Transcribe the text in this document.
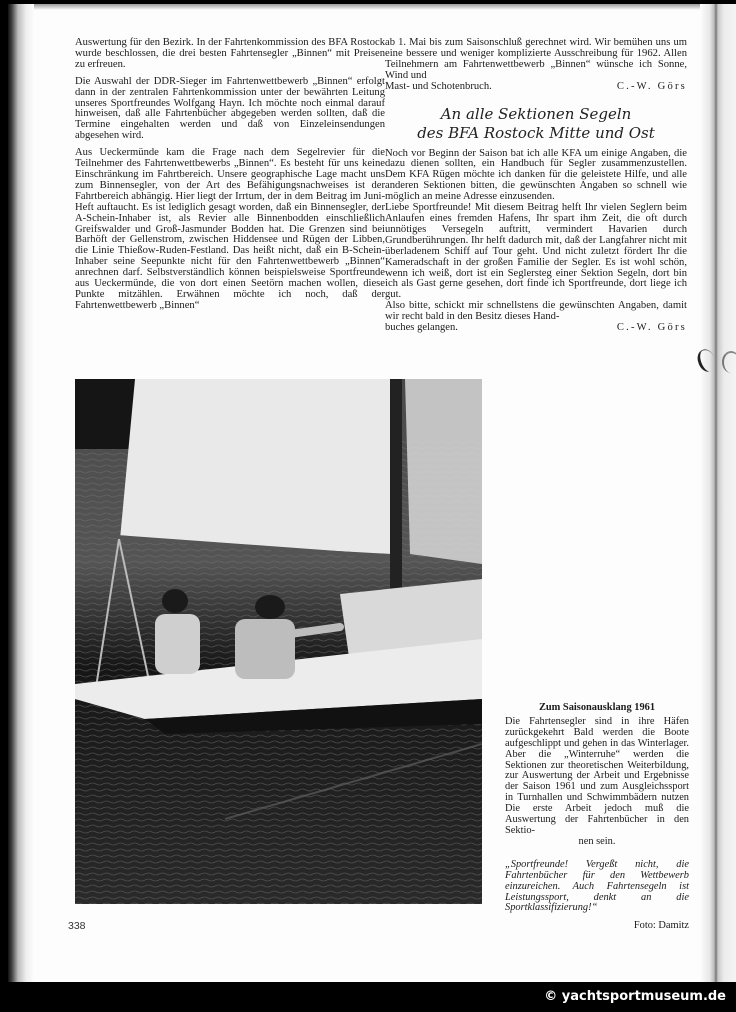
Auswertung für den Bezirk. In der Fahrtenkommission des BFA Rostock wurde beschlossen, die drei besten Fahrtensegler „Binnen“ mit Preisen zu erfreuen.

Die Auswahl der DDR-Sieger im Fahrtenwettbewerb „Binnen“ erfolgt dann in der zentralen Fahrtenkommission unter der bewährten Leitung unseres Sportfreundes Wolfgang Hayn. Ich möchte noch einmal darauf hinweisen, daß alle Fahrtenbücher abgegeben werden sollten, daß die Termine eingehalten werden und daß von Einzeleinsendungen abgesehen wird.

Aus Ueckermünde kam die Frage nach dem Segelrevier für die Teilnehmer des Fahrtenwettbewerbs „Binnen“. Es besteht für uns keine Einschränkung im Fahrtbereich. Unsere geographische Lage macht uns zum Binnensegler, von der Art des Befähigungsnachweises ist der Fahrtbereich abhängig. Hier liegt der Irrtum, der in dem Beitrag im Juni-Heft auftaucht. Es ist lediglich gesagt worden, daß ein Binnensegler, der A-Schein-Inhaber ist, als Revier alle Binnenbodden einschließlich Greifswalder und Groß-Jasmunder Bodden hat. Die Grenzen sind bei Barhöft der Gellenstrom, zwischen Hiddensee und Rügen der Libben, die Linie Thießow-Ruden-Festland. Das heißt nicht, daß ein B-Schein-Inhaber seine Seepunkte nicht für den Fahrtenwettbewerb „Binnen“ anrechnen darf. Selbstverständlich können beispielsweise Sportfreunde aus Ueckermünde, die von dort einen Seetörn machen wollen, diese Punkte mitzählen. Erwähnen möchte ich noch, daß der Fahrtenwettbewerb „Binnen“

ab 1. Mai bis zum Saisonschluß gerechnet wird. Wir bemühen uns um eine bessere und weniger komplizierte Ausschreibung für 1962. Allen Teilnehmern am Fahrtenwettbewerb „Binnen“ wünsche ich Sonne, Wind und

Mast- und Schotenbruch.	C.-W. Görs
An alle Sektionen Segeln
des BFA Rostock Mitte und Ost

Noch vor Beginn der Saison bat ich alle KFA um einige Angaben, die dazu dienen sollten, ein Handbuch für Segler zusammenzustellen. Dem KFA Rügen möchte ich danken für die geleistete Hilfe, und alle anderen Sektionen bitten, die gewünschten Angaben so schnell wie möglich an meine Adresse einzusenden.

Liebe Sportfreunde! Mit diesem Beitrag helft Ihr vielen Seglern beim Anlaufen eines fremden Hafens, Ihr spart ihm Zeit, die oft durch unnötiges Versegeln auftritt, vermindert Havarien durch Grundberührungen. Ihr helft dadurch mit, daß der Langfahrer nicht mit überladenem Schiff auf Tour geht. Und nicht zuletzt fördert Ihr die Kameradschaft in der großen Familie der Segler. Es ist wohl schön, wenn ich weiß, dort ist ein Seglersteg einer Sektion Segeln, dort bin ich als Gast gerne gesehen, dort finde ich Sportfreunde, dort liege ich gut.

Also bitte, schickt mir schnellstens die gewünschten Angaben, damit wir recht bald in den Besitz dieses Hand-

buches gelangen.	C.-W. Görs
Zum Saisonausklang 1961
Die Fahrtensegler sind in ihre Häfen zurückgekehrt Bald werden die Boote aufgeschlippt und gehen in das Winterlager. Aber die „Winterruhe“ werden die Sektionen zur theoretischen Weiterbildung, zur Auswertung der Arbeit und Ergebnisse der Saison 1961 und zum Ausgleichssport in Turnhallen und Schwimmbädern nutzen Die erste Arbeit jedoch muß die Auswertung der Fahrtenbücher in den Sektio-
nen sein.
„Sportfreunde! Vergeßt nicht, die Fahrtenbücher für den Wettbewerb einzureichen. Auch Fahrtensegeln ist Leistungssport, denkt an die Sportklassifizierung!“
Foto: Damitz
338
© yachtsportmuseum.de
